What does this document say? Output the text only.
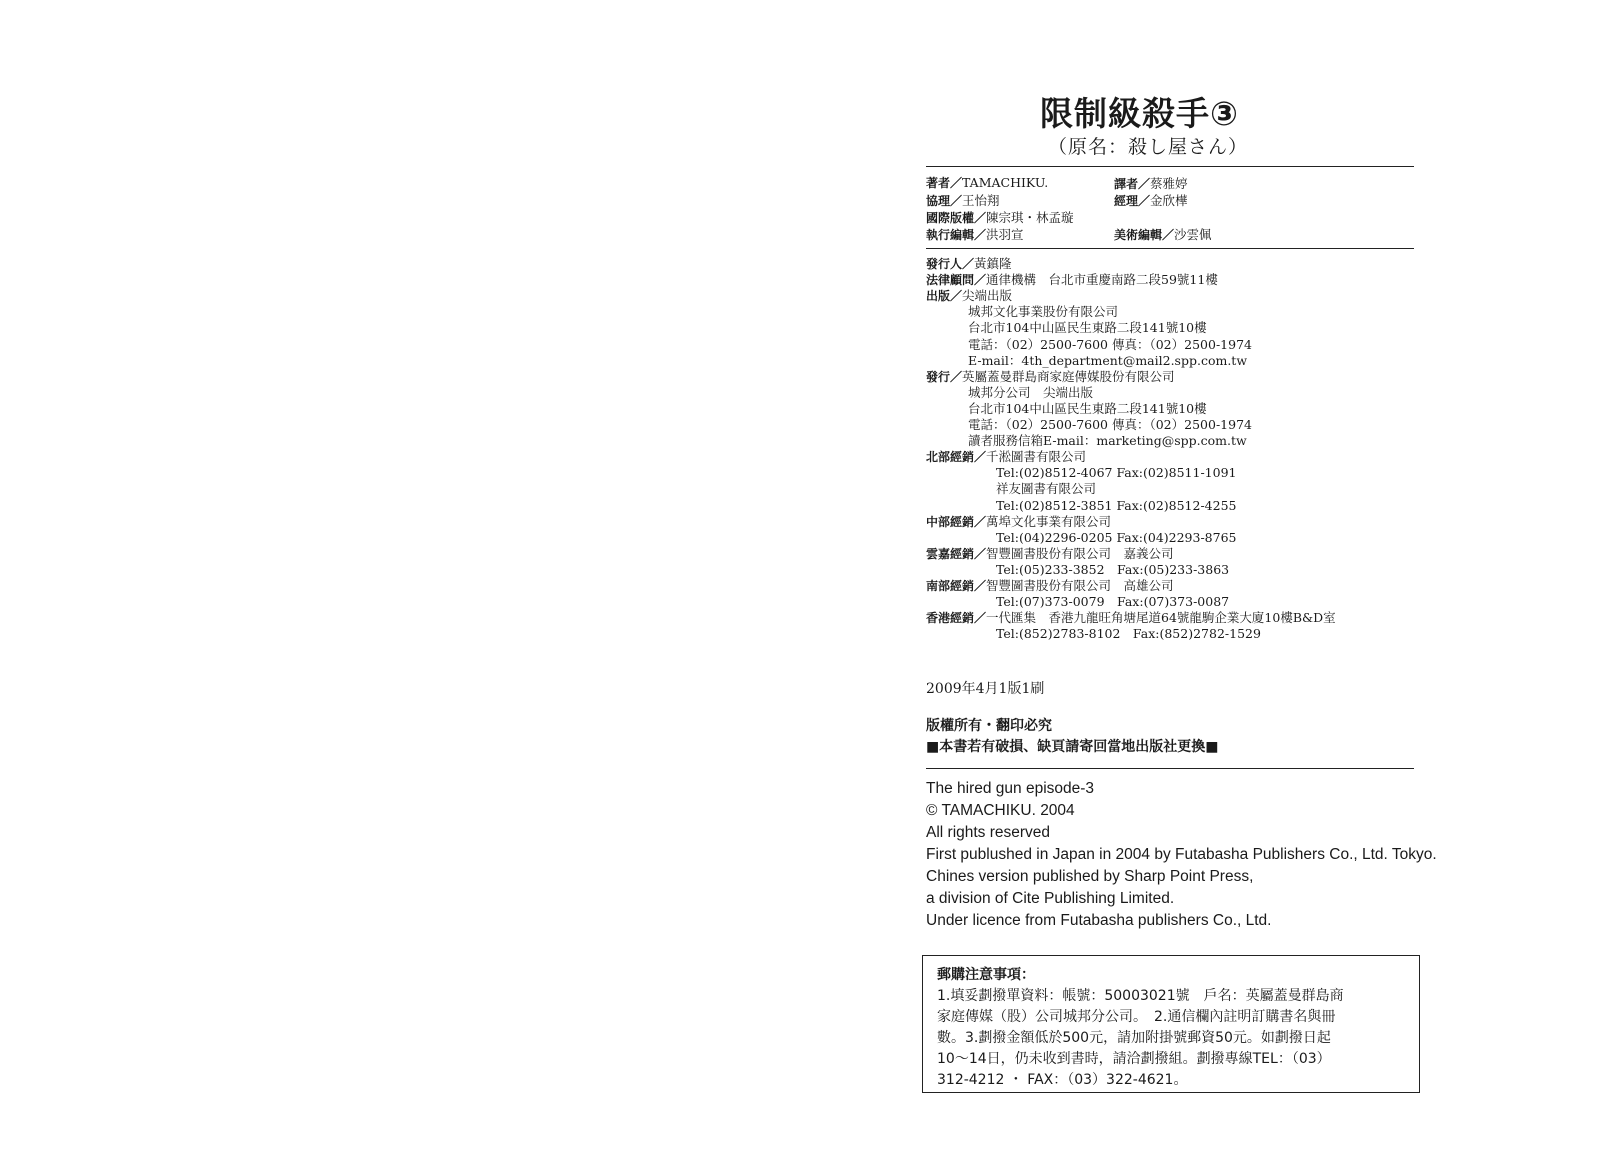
限制級殺手③
（原名：殺し屋さん）
著者／TAMACHIKU.	譯者／蔡雅婷
協理／王怡翔	經理／金欣樺
國際版權／陳宗琪・林孟璇
執行編輯／洪羽宣	美術編輯／沙雲佩
發行人／黃鎮隆
法律顧問／通律機構　台北市重慶南路二段59號11樓
出版／尖端出版
城邦文化事業股份有限公司
台北市104中山區民生東路二段141號10樓
電話：（02）2500-7600 傳真：（02）2500-1974
E-mail：4th_department@mail2.spp.com.tw
發行／英屬蓋曼群島商家庭傳媒股份有限公司
城邦分公司　尖端出版
台北市104中山區民生東路二段141號10樓
電話：（02）2500-7600 傳真：（02）2500-1974
讀者服務信箱E-mail：marketing@spp.com.tw
北部經銷／千淞圖書有限公司
Tel:(02)8512-4067 Fax:(02)8511-1091
祥友圖書有限公司
Tel:(02)8512-3851 Fax:(02)8512-4255
中部經銷／萬埠文化事業有限公司
Tel:(04)2296-0205 Fax:(04)2293-8765
雲嘉經銷／智豐圖書股份有限公司　嘉義公司
Tel:(05)233-3852　Fax:(05)233-3863
南部經銷／智豐圖書股份有限公司　高雄公司
Tel:(07)373-0079　Fax:(07)373-0087
香港經銷／一代匯集　香港九龍旺角塘尾道64號龍駒企業大廈10樓B&D室
Tel:(852)2783-8102　Fax:(852)2782-1529
2009年4月1版1刷
版權所有・翻印必究
■本書若有破損、缺頁請寄回當地出版社更換■
The hired gun episode-3
© TAMACHIKU. 2004
All rights reserved
First publushed in Japan in 2004 by Futabasha Publishers Co., Ltd. Tokyo.
Chines version published by Sharp Point Press,
a division of Cite Publishing Limited.
Under licence from Futabasha publishers Co., Ltd.
郵購注意事項：
1.填妥劃撥單資料：帳號：50003021號　戶名：英屬蓋曼群島商
家庭傳媒（股）公司城邦分公司。　2.通信欄內註明訂購書名與冊
數。3.劃撥金額低於500元，請加附掛號郵資50元。如劃撥日起
10～14日，仍未收到書時，請洽劃撥組。劃撥專線TEL：（03）
312-4212 ・ FAX：（03）322-4621。
